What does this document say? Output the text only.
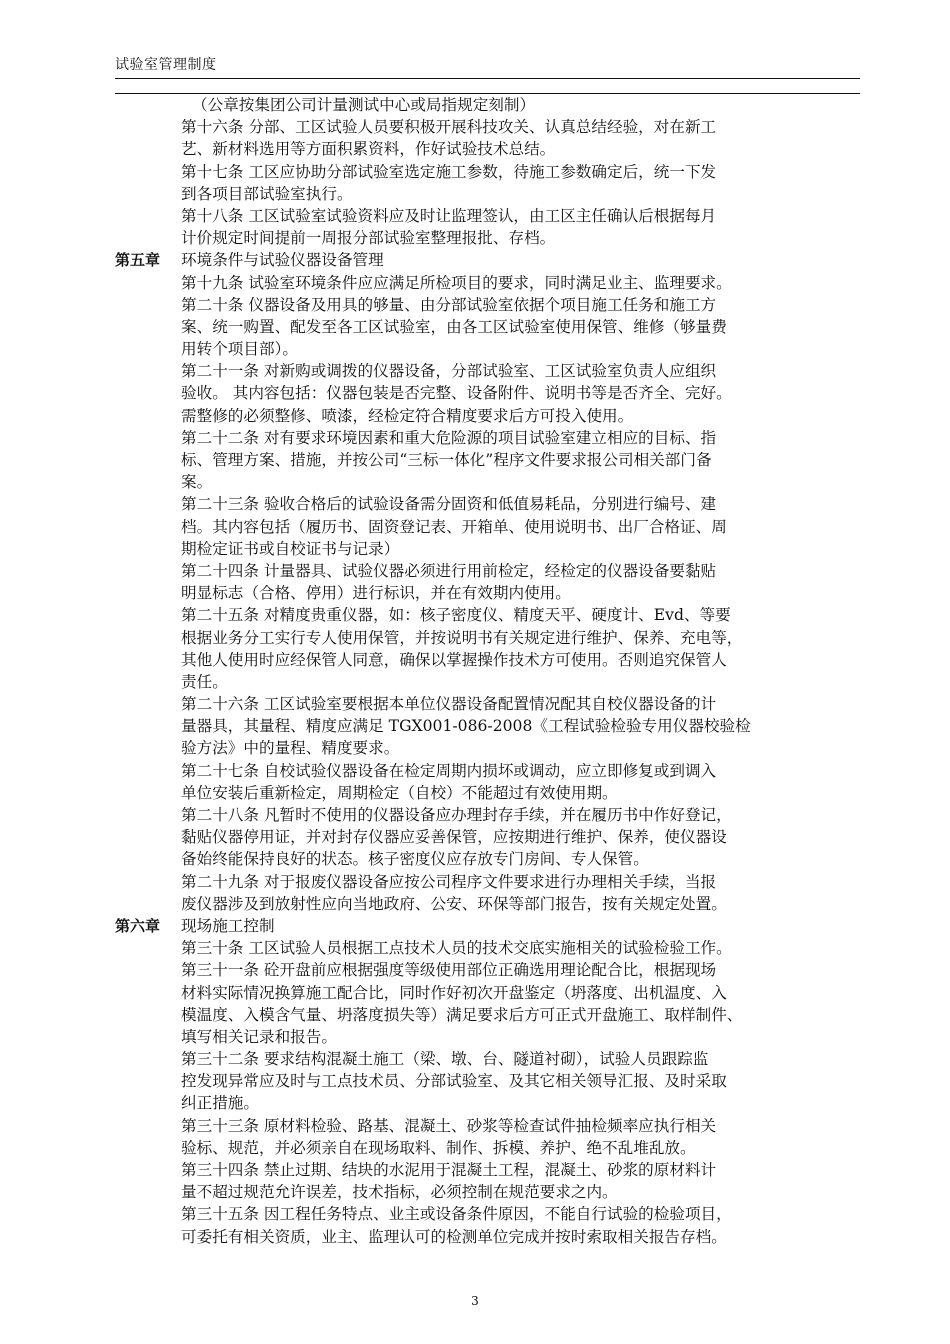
试验室管理制度
（公章按集团公司计量测试中心或局指规定刻制）
第十六条 分部、工区试验人员要积极开展科技攻关、认真总结经验，对在新工
艺、新材料选用等方面积累资料，作好试验技术总结。
第十七条 工区应协助分部试验室选定施工参数，待施工参数确定后，统一下发
到各项目部试验室执行。
第十八条 工区试验室试验资料应及时让监理签认，由工区主任确认后根据每月
计价规定时间提前一周报分部试验室整理报批、存档。
第五章 环境条件与试验仪器设备管理
第十九条 试验室环境条件应应满足所检项目的要求，同时满足业主、监理要求。
第二十条 仪器设备及用具的够量、由分部试验室依据个项目施工任务和施工方
案、统一购置、配发至各工区试验室，由各工区试验室使用保管、维修（够量费
用转个项目部）。
第二十一条 对新购或调拨的仪器设备，分部试验室、工区试验室负责人应组织
验收。 其内容包括：仪器包装是否完整、设备附件、说明书等是否齐全、完好。
需整修的必须整修、喷漆，经检定符合精度要求后方可投入使用。
第二十二条 对有要求环境因素和重大危险源的项目试验室建立相应的目标、指
标、管理方案、措施，并按公司“三标一体化”程序文件要求报公司相关部门备
案。
第二十三条 验收合格后的试验设备需分固资和低值易耗品，分别进行编号、建
档。其内容包括（履历书、固资登记表、开箱单、使用说明书、出厂合格证、周
期检定证书或自校证书与记录）
第二十四条 计量器具、试验仪器必须进行用前检定，经检定的仪器设备要黏贴
明显标志（合格、停用）进行标识，并在有效期内使用。
第二十五条 对精度贵重仪器，如：核子密度仪、精度天平、硬度计、Evd、等要
根据业务分工实行专人使用保管，并按说明书有关规定进行维护、保养、充电等，
其他人使用时应经保管人同意，确保以掌握操作技术方可使用。否则追究保管人
责任。
第二十六条 工区试验室要根据本单位仪器设备配置情况配其自校仪器设备的计
量器具，其量程、精度应满足 TGX001-086-2008《工程试验检验专用仪器校验检
验方法》中的量程、精度要求。
第二十七条 自校试验仪器设备在检定周期内损坏或调动，应立即修复或到调入
单位安装后重新检定，周期检定（自校）不能超过有效使用期。
第二十八条 凡暂时不使用的仪器设备应办理封存手续，并在履历书中作好登记，
黏贴仪器停用证，并对封存仪器应妥善保管，应按期进行维护、保养，使仪器设
备始终能保持良好的状态。核子密度仪应存放专门房间、专人保管。
第二十九条 对于报废仪器设备应按公司程序文件要求进行办理相关手续，当报
废仪器涉及到放射性应向当地政府、公安、环保等部门报告，按有关规定处置。
第六章 现场施工控制
第三十条 工区试验人员根据工点技术人员的技术交底实施相关的试验检验工作。
第三十一条 砼开盘前应根据强度等级使用部位正确选用理论配合比，根据现场
材料实际情况换算施工配合比，同时作好初次开盘鉴定（坍落度、出机温度、入
模温度、入模含气量、坍落度损失等）满足要求后方可正式开盘施工、取样制件、
填写相关记录和报告。
第三十二条 要求结构混凝土施工（梁、墩、台、隧道衬砌），试验人员跟踪监
控发现异常应及时与工点技术员、分部试验室、及其它相关领导汇报、及时采取
纠正措施。
第三十三条 原材料检验、路基、混凝土、砂浆等检查试件抽检频率应执行相关
验标、规范，并必须亲自在现场取料、制作、拆模、养护、绝不乱堆乱放。
第三十四条 禁止过期、结块的水泥用于混凝土工程，混凝土、砂浆的原材料计
量不超过规范允许误差，技术指标，必须控制在规范要求之内。
第三十五条 因工程任务特点、业主或设备条件原因，不能自行试验的检验项目，
可委托有相关资质，业主、监理认可的检测单位完成并按时索取相关报告存档。
3
